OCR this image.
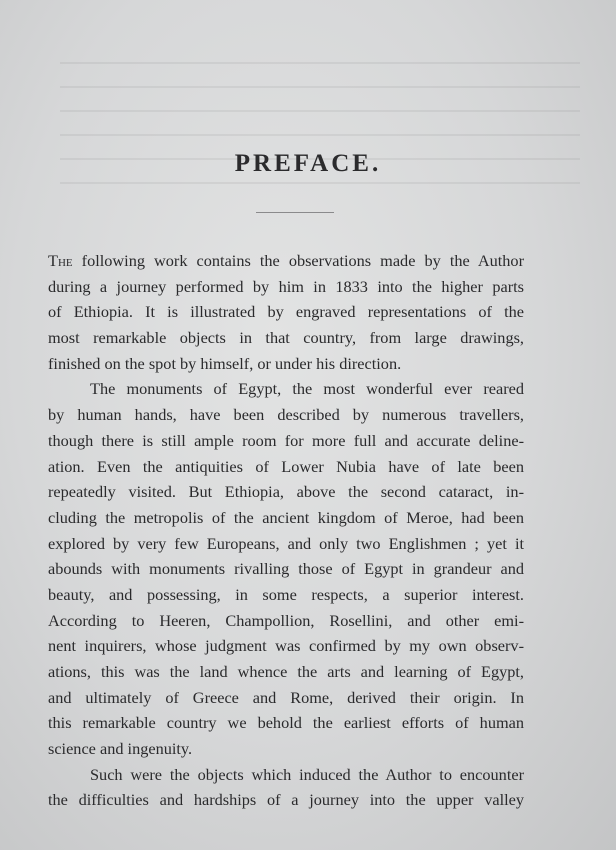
PREFACE.
The following work contains the observations made by the Author
during a journey performed by him in 1833 into the higher parts
of Ethiopia. It is illustrated by engraved representations of the
most remarkable objects in that country, from large drawings,
finished on the spot by himself, or under his direction.
The monuments of Egypt, the most wonderful ever reared
by human hands, have been described by numerous travellers,
though there is still ample room for more full and accurate deline-
ation. Even the antiquities of Lower Nubia have of late been
repeatedly visited. But Ethiopia, above the second cataract, in-
cluding the metropolis of the ancient kingdom of Meroe, had been
explored by very few Europeans, and only two Englishmen ; yet it
abounds with monuments rivalling those of Egypt in grandeur and
beauty, and possessing, in some respects, a superior interest.
According to Heeren, Champollion, Rosellini, and other emi-
nent inquirers, whose judgment was confirmed by my own observ-
ations, this was the land whence the arts and learning of Egypt,
and ultimately of Greece and Rome, derived their origin. In
this remarkable country we behold the earliest efforts of human
science and ingenuity.
Such were the objects which induced the Author to encounter
the difficulties and hardships of a journey into the upper valley
